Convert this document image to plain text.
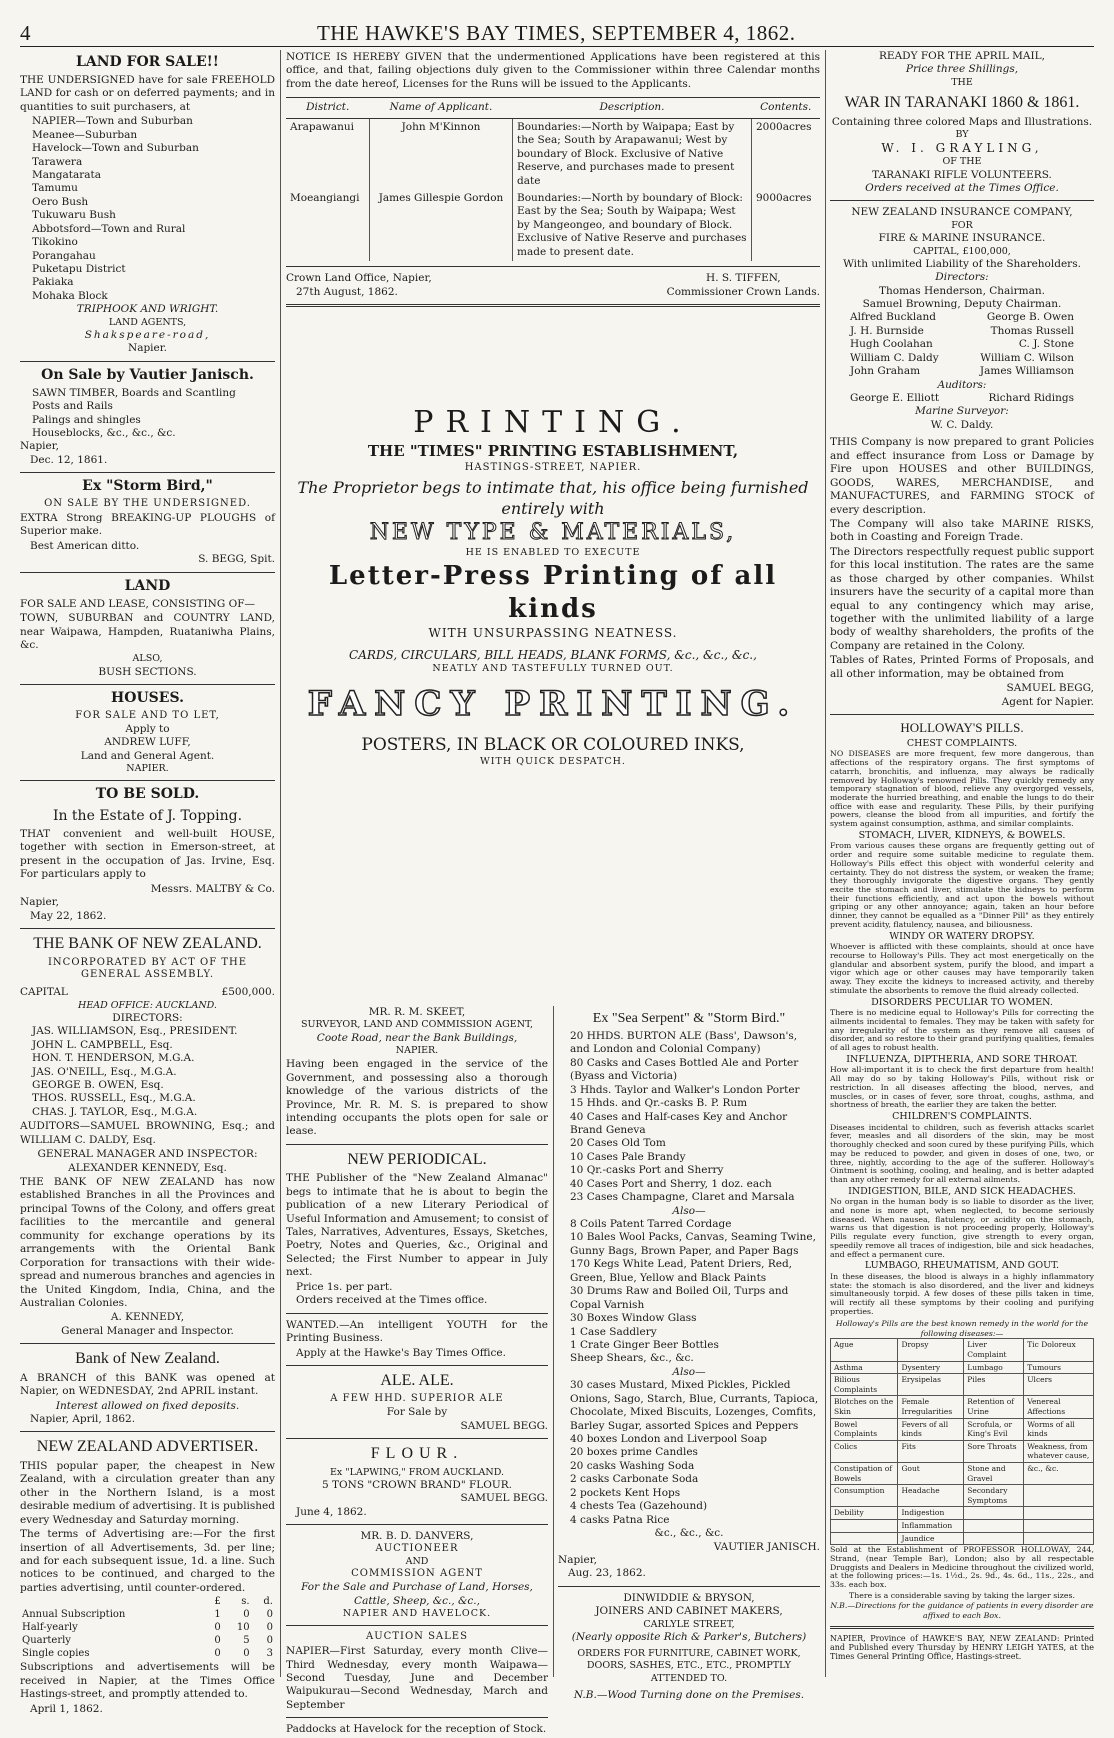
4	THE HAWKE'S BAY TIMES, SEPTEMBER 4, 1862.
LAND FOR SALE!!
THE UNDERSIGNED have for sale FREEHOLD LAND for cash or on deferred payments; and in quantities to suit purchasers, at
NAPIER—Town and Suburban
Meanee—Suburban
Havelock—Town and Suburban
Tarawera
Mangatarata
Tamumu
Oero Bush
Tukuwaru Bush
Abbotsford—Town and Rural
Tikokino
Porangahau
Puketapu District
Pakiaka
Mohaka Block
TRIPHOOK AND WRIGHT.
LAND AGENTS,
Shakspeare-road,
Napier.
On Sale by Vautier Janisch.
SAWN TIMBER, Boards and Scantling
Posts and Rails
Palings and shingles
Houseblocks, &c., &c., &c.
Napier,
Dec. 12, 1861.
Ex "Storm Bird,"
ON SALE BY THE UNDERSIGNED.
EXTRA Strong BREAKING-UP PLOUGHS of Superior make.
Best American ditto.
S. BEGG, Spit.
LAND
FOR SALE AND LEASE, CONSISTING OF—
TOWN, SUBURBAN and COUNTRY LAND, near Waipawa, Hampden, Ruataniwha Plains, &c.
ALSO,
BUSH SECTIONS.
HOUSES.
FOR SALE AND TO LET,
Apply to
ANDREW LUFF,
Land and General Agent.
NAPIER.
TO BE SOLD.
In the Estate of J. Topping.
THAT convenient and well-built HOUSE, together with section in Emerson-street, at present in the occupation of Jas. Irvine, Esq. For particulars apply to
Messrs. MALTBY & Co.
Napier,
May 22, 1862.
THE BANK OF NEW ZEALAND.
INCORPORATED BY ACT OF THE GENERAL ASSEMBLY.
CAPITAL	£500,000.
HEAD OFFICE: AUCKLAND.
DIRECTORS:
JAS. WILLIAMSON, Esq., PRESIDENT.
JOHN L. CAMPBELL, Esq.
HON. T. HENDERSON, M.G.A.
JAS. O'NEILL, Esq., M.G.A.
GEORGE B. OWEN, Esq.
THOS. RUSSELL, Esq., M.G.A.
CHAS. J. TAYLOR, Esq., M.G.A.
AUDITORS—SAMUEL BROWNING, Esq.; and WILLIAM C. DALDY, Esq.
GENERAL MANAGER AND INSPECTOR:
ALEXANDER KENNEDY, Esq.
THE BANK OF NEW ZEALAND has now established Branches in all the Provinces and principal Towns of the Colony, and offers great facilities to the mercantile and general community for exchange operations by its arrangements with the Oriental Bank Corporation for transactions with their wide-spread and numerous branches and agencies in the United Kingdom, India, China, and the Australian Colonies.
A. KENNEDY,
General Manager and Inspector.
Bank of New Zealand.
A BRANCH of this BANK was opened at Napier, on WEDNESDAY, 2nd APRIL instant.
Interest allowed on fixed deposits.
Napier, April, 1862.
NEW ZEALAND ADVERTISER.
THIS popular paper, the cheapest in New Zealand, with a circulation greater than any other in the Northern Island, is a most desirable medium of advertising. It is published every Wednesday and Saturday morning.
The terms of Advertising are:—For the first insertion of all Advertisements, 3d. per line; and for each subsequent issue, 1d. a line. Such notices to be continued, and charged to the parties advertising, until counter-ordered.
	£	s.	d.
Annual Subscription	1	0	0
Half-yearly	0	10	0
Quarterly	0	5	0
Single copies	0	0	3
Subscriptions and advertisements will be received in Napier, at the Times Office Hastings-street, and promptly attended to.
April 1, 1862.
NOTICE IS HEREBY GIVEN that the undermentioned Applications have been registered at this office, and that, failing objections duly given to the Commissioner within three Calendar months from the date hereof, Licenses for the Runs will be issued to the Applicants.
District.	Name of Applicant.	Description.	Contents.
Arapawanui	John M'Kinnon	Boundaries:—North by Waipapa; East by the Sea; South by Arapawanui; West by boundary of Block. Exclusive of Native Reserve, and purchases made to present date	2000acres
Moeangiangi	James Gillespie Gordon	Boundaries:—North by boundary of Block: East by the Sea; South by Waipapa; West by Mangeongeo, and boundary of Block. Exclusive of Native Reserve and purchases made to present date.	9000acres
Crown Land Office, Napier,
27th August, 1862.
H. S. TIFFEN,
Commissioner Crown Lands.
PRINTING.
THE "TIMES" PRINTING ESTABLISHMENT,
HASTINGS-STREET, NAPIER.
The Proprietor begs to intimate that, his office being furnished entirely with
NEW TYPE & MATERIALS,
HE IS ENABLED TO EXECUTE
Letter-Press Printing of all kinds
WITH UNSURPASSING NEATNESS.
CARDS, CIRCULARS, BILL HEADS, BLANK FORMS, &c., &c., &c.,
NEATLY AND TASTEFULLY TURNED OUT.
FANCY PRINTING.
POSTERS, IN BLACK OR COLOURED INKS,
WITH QUICK DESPATCH.
MR. R. M. SKEET,
SURVEYOR, LAND AND COMMISSION AGENT,
Coote Road, near the Bank Buildings,
NAPIER.
Having been engaged in the service of the Government, and possessing also a thorough knowledge of the various districts of the Province, Mr. R. M. S. is prepared to show intending occupants the plots open for sale or lease.
NEW PERIODICAL.
THE Publisher of the "New Zealand Almanac" begs to intimate that he is about to begin the publication of a new Literary Periodical of Useful Information and Amusement; to consist of Tales, Narratives, Adventures, Essays, Sketches, Poetry, Notes and Queries, &c., Original and Selected; the First Number to appear in July next.
Price 1s. per part.
Orders received at the Times office.
WANTED.—An intelligent YOUTH for the Printing Business.
Apply at the Hawke's Bay Times Office.
ALE. ALE.
A FEW HHD. SUPERIOR ALE
For Sale by
SAMUEL BEGG.
FLOUR.
Ex "LAPWING," FROM AUCKLAND.
5 TONS "CROWN BRAND" FLOUR.
SAMUEL BEGG.
June 4, 1862.
MR. B. D. DANVERS,
AUCTIONEER
AND
COMMISSION AGENT
For the Sale and Purchase of Land, Horses, Cattle, Sheep, &c., &c.,
NAPIER AND HAVELOCK.
AUCTION SALES
NAPIER—First Saturday, every month Clive—Third Wednesday, every month Waipawa—Second Tuesday, June and December Waipukurau—Second Wednesday, March and September
Paddocks at Havelock for the reception of Stock.
Ex "Sea Serpent" & "Storm Bird."
20 HHDS. BURTON ALE (Bass', Dawson's, and London and Colonial Company)
80 Casks and Cases Bottled Ale and Porter (Byass and Victoria)
3 Hhds. Taylor and Walker's London Porter
15 Hhds. and Qr.-casks B. P. Rum
40 Cases and Half-cases Key and Anchor Brand Geneva
20 Cases Old Tom
10 Cases Pale Brandy
10 Qr.-casks Port and Sherry
40 Cases Port and Sherry, 1 doz. each
23 Cases Champagne, Claret and Marsala
Also—
8 Coils Patent Tarred Cordage
10 Bales Wool Packs, Canvas, Seaming Twine, Gunny Bags, Brown Paper, and Paper Bags
170 Kegs White Lead, Patent Driers, Red, Green, Blue, Yellow and Black Paints
30 Drums Raw and Boiled Oil, Turps and Copal Varnish
30 Boxes Window Glass
1 Case Saddlery
1 Crate Ginger Beer Bottles
Sheep Shears, &c., &c.
Also—
30 cases Mustard, Mixed Pickles, Pickled Onions, Sago, Starch, Blue, Currants, Tapioca, Chocolate, Mixed Biscuits, Lozenges, Comfits, Barley Sugar, assorted Spices and Peppers
40 boxes London and Liverpool Soap
20 boxes prime Candles
20 casks Washing Soda
2 casks Carbonate Soda
2 pockets Kent Hops
4 chests Tea (Gazehound)
4 casks Patna Rice
&c., &c., &c.
VAUTIER JANISCH.
Napier,
Aug. 23, 1862.
DINWIDDIE & BRYSON,
JOINERS AND CABINET MAKERS,
CARLYLE STREET,
(Nearly opposite Rich & Parker's, Butchers)
ORDERS FOR FURNITURE, CABINET WORK, DOORS, SASHES, ETC., ETC., PROMPTLY ATTENDED TO.
N.B.—Wood Turning done on the Premises.
READY FOR THE APRIL MAIL,
Price three Shillings,
THE
WAR IN TARANAKI 1860 & 1861.
Containing three colored Maps and Illustrations.
BY
W. I. GRAYLING,
OF THE
TARANAKI RIFLE VOLUNTEERS.
Orders received at the Times Office.
NEW ZEALAND INSURANCE COMPANY,
FOR
FIRE & MARINE INSURANCE.
CAPITAL, £100,000,
With unlimited Liability of the Shareholders.
Directors:
Thomas Henderson, Chairman.
Samuel Browning, Deputy Chairman.
Alfred Buckland	George B. Owen
J. H. Burnside	Thomas Russell
Hugh Coolahan	C. J. Stone
William C. Daldy	William C. Wilson
John Graham	James Williamson
Auditors:
George E. Elliott	Richard Ridings
Marine Surveyor:
W. C. Daldy.
THIS Company is now prepared to grant Policies and effect insurance from Loss or Damage by Fire upon HOUSES and other BUILDINGS, GOODS, WARES, MERCHANDISE, and MANUFACTURES, and FARMING STOCK of every description.
The Company will also take MARINE RISKS, both in Coasting and Foreign Trade.
The Directors respectfully request public support for this local institution. The rates are the same as those charged by other companies. Whilst insurers have the security of a capital more than equal to any contingency which may arise, together with the unlimited liability of a large body of wealthy shareholders, the profits of the Company are retained in the Colony.
Tables of Rates, Printed Forms of Proposals, and all other information, may be obtained from
SAMUEL BEGG,
Agent for Napier.
HOLLOWAY'S PILLS.
CHEST COMPLAINTS.
NO DISEASES are more frequent, few more dangerous, than affections of the respiratory organs. The first symptoms of catarrh, bronchitis, and influenza, may always be radically removed by Holloway's renowned Pills. They quickly remedy any temporary stagnation of blood, relieve any overgorged vessels, moderate the hurried breathing, and enable the lungs to do their office with ease and regularity. These Pills, by their purifying powers, cleanse the blood from all impurities, and fortify the system against consumption, asthma, and similar complaints.
STOMACH, LIVER, KIDNEYS, & BOWELS.
From various causes these organs are frequently getting out of order and require some suitable medicine to regulate them. Holloway's Pills effect this object with wonderful celerity and certainty. They do not distress the system, or weaken the frame; they thoroughly invigorate the digestive organs. They gently excite the stomach and liver, stimulate the kidneys to perform their functions efficiently, and act upon the bowels without griping or any other annoyance; again, taken an hour before dinner, they cannot be equalled as a "Dinner Pill" as they entirely prevent acidity, flatulency, nausea, and biliousness.
WINDY OR WATERY DROPSY.
Whoever is afflicted with these complaints, should at once have recourse to Holloway's Pills. They act most energetically on the glandular and absorbent system, purify the blood, and impart a vigor which age or other causes may have temporarily taken away. They excite the kidneys to increased activity, and thereby stimulate the absorbents to remove the fluid already collected.
DISORDERS PECULIAR TO WOMEN.
There is no medicine equal to Holloway's Pills for correcting the ailments incidental to females. They may be taken with safety for any irregularity of the system as they remove all causes of disorder, and so restore to their grand purifying qualities, females of all ages to robust health.
INFLUENZA, DIPTHERIA, AND SORE THROAT.
How all-important it is to check the first departure from health! All may do so by taking Holloway's Pills, without risk or restriction. In all diseases affecting the blood, nerves, and muscles, or in cases of fever, sore throat, coughs, asthma, and shortness of breath, the earlier they are taken the better.
CHILDREN'S COMPLAINTS.
Diseases incidental to children, such as feverish attacks scarlet fever, measles and all disorders of the skin, may be most thoroughly checked and soon cured by these purifying Pills, which may be reduced to powder, and given in doses of one, two, or three, nightly, according to the age of the sufferer. Holloway's Ointment is soothing, cooling, and healing, and is better adapted than any other remedy for all external ailments.
INDIGESTION, BILE, AND SICK HEADACHES.
No organ in the human body is so liable to disorder as the liver, and none is more apt, when neglected, to become seriously diseased. When nausea, flatulency, or acidity on the stomach, warns us that digestion is not proceeding properly, Holloway's Pills regulate every function, give strength to every organ, speedily remove all traces of indigestion, bile and sick headaches, and effect a permanent cure.
LUMBAGO, RHEUMATISM, AND GOUT.
In these diseases, the blood is always in a highly inflammatory state: the stomach is also disordered, and the liver and kidneys simultaneously torpid. A few doses of these pills taken in time, will rectify all these symptoms by their cooling and purifying properties.
Holloway's Pills are the best known remedy in the world for the following diseases:—
Ague	Dropsy	Liver Complaint	Tic Doloreux
Asthma	Dysentery	Lumbago	Tumours
Bilious Complaints	Erysipelas	Piles	Ulcers
Blotches on the Skin	Female Irregularities	Retention of Urine	Venereal Affections
Bowel Complaints	Fevers of all kinds	Scrofula, or King's Evil	Worms of all kinds
Colics	Fits	Sore Throats	Weakness, from whatever cause,
Constipation of Bowels	Gout	Stone and Gravel	&c., &c.
Consumption	Headache	Secondary Symptoms	
Debility	Indigestion		
	Inflammation		
	Jaundice		
Sold at the Establishment of PROFESSOR HOLLOWAY, 244, Strand, (near Temple Bar), London; also by all respectable Druggists and Dealers in Medicine throughout the civilized world, at the following prices:—1s. 1½d., 2s. 9d., 4s. 6d., 11s., 22s., and 33s. each box.
There is a considerable saving by taking the larger sizes.
N.B.—Directions for the guidance of patients in every disorder are affixed to each Box.
NAPIER, Province of HAWKE'S BAY, NEW ZEALAND: Printed and Published every Thursday by HENRY LEIGH YATES, at the Times General Printing Office, Hastings-street.
